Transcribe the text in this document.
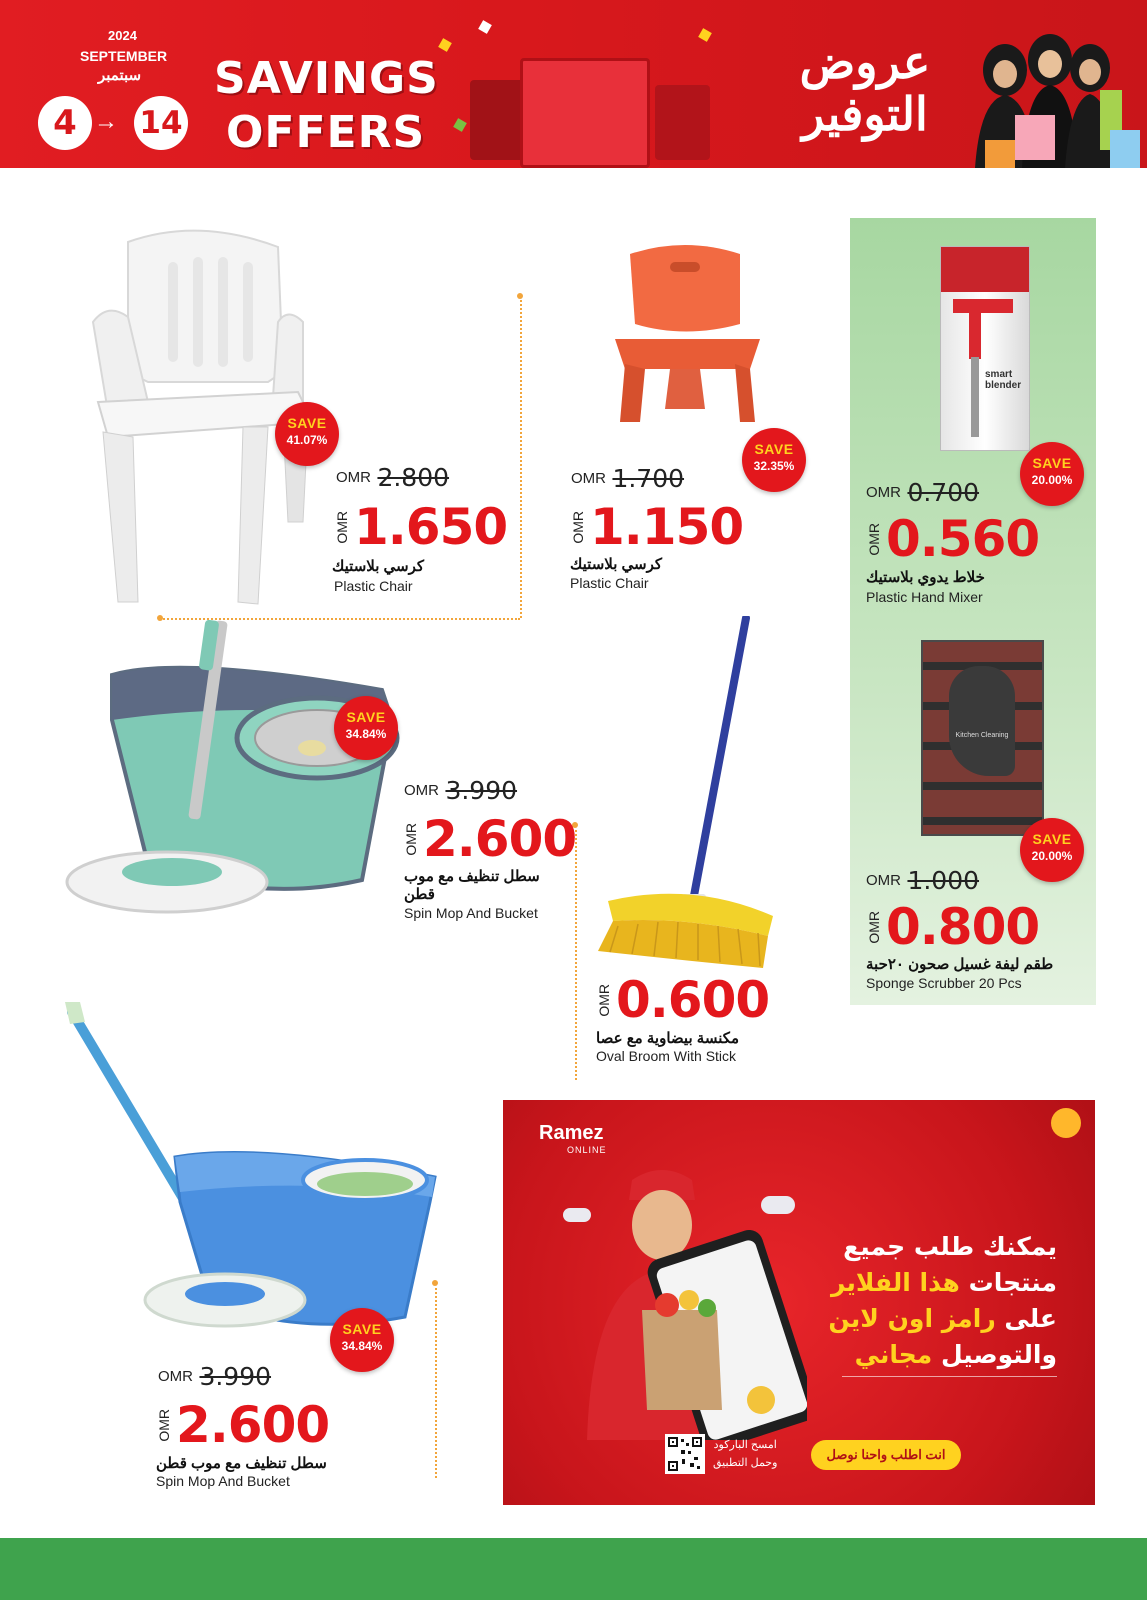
2024
SEPTEMBER
سبتمبر
4 → 14
SAVINGS
OFFERS
عروض
التوفير
SAVE
41.07%
OMR 2.800
OMR 1.650
كرسي بلاستيك
Plastic Chair
SAVE
32.35%
OMR 1.700
OMR 1.150
كرسي بلاستيك
Plastic Chair
smart
blender
SAVE
20.00%
OMR 0.700
OMR 0.560
خلاط يدوي بلاستيك
Plastic Hand Mixer
SAVE
34.84%
OMR 3.990
OMR 2.600
سطل تنظيف مع موب قطن
Spin Mop And Bucket
OMR 0.600
مكنسة بيضاوية مع عصا
Oval Broom With Stick
Kitchen Cleaning
SAVE
20.00%
OMR 1.000
OMR 0.800
طقم ليفة غسيل صحون ٢٠حبة
Sponge Scrubber 20 Pcs
SAVE
34.84%
OMR 3.990
OMR 2.600
سطل تنظيف مع موب قطن
Spin Mop And Bucket
Ramez
ONLINE
يمكنك طلب جميع
منتجات هذا الفلاير
على رامز اون لاين
والتوصيل مجاني
امسح الباركود
وحمل التطبيق
انت اطلب واحنا نوصل
